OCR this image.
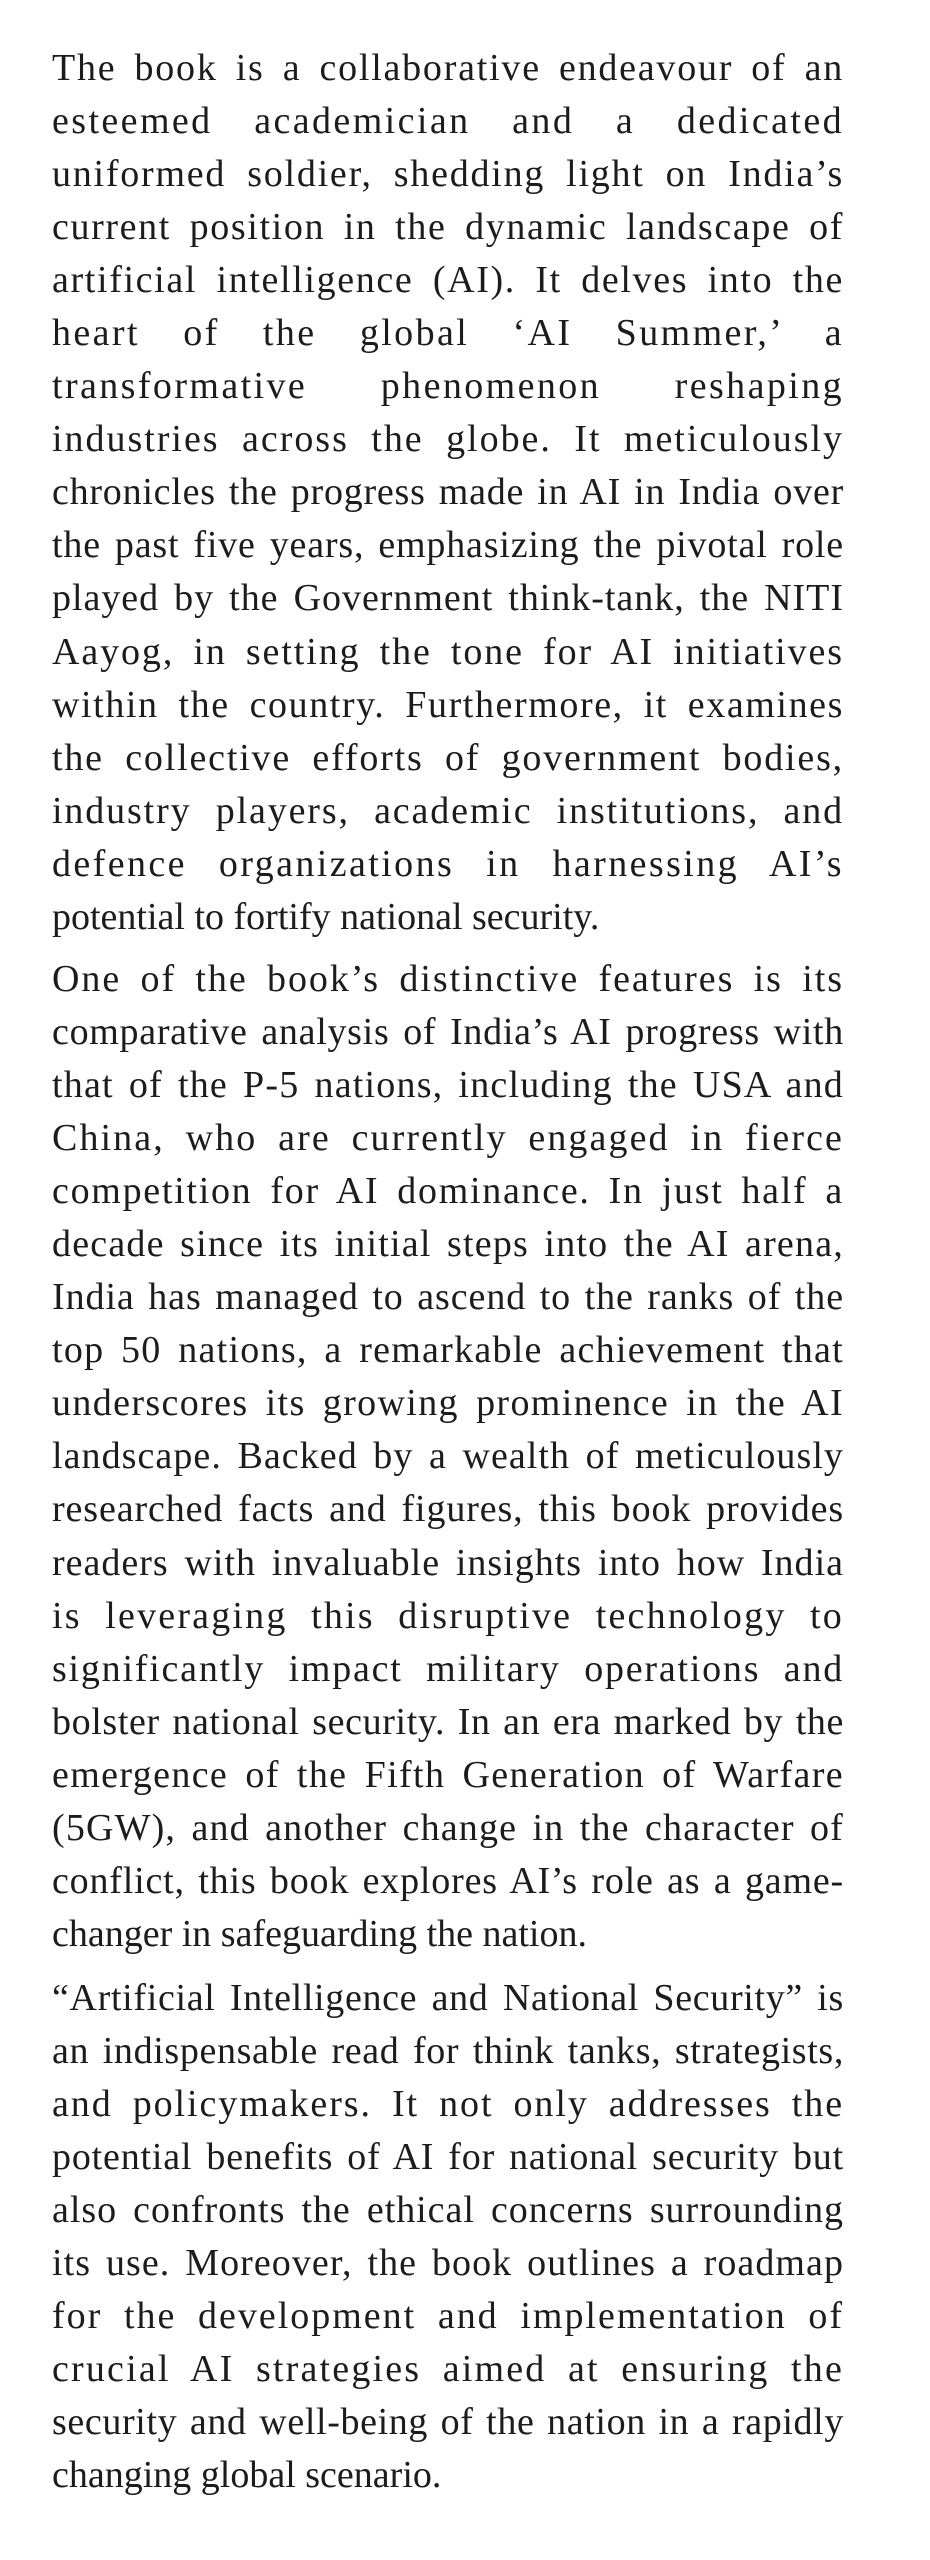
The book is a collaborative endeavour of an
esteemed academician and a dedicated
uniformed soldier, shedding light on India’s
current position in the dynamic landscape of
artificial intelligence (AI). It delves into the
heart of the global ‘AI Summer,’ a
transformative phenomenon reshaping
industries across the globe. It meticulously
chronicles the progress made in AI in India over
the past five years, emphasizing the pivotal role
played by the Government think-tank, the NITI
Aayog, in setting the tone for AI initiatives
within the country. Furthermore, it examines
the collective efforts of government bodies,
industry players, academic institutions, and
defence organizations in harnessing AI’s
potential to fortify national security.
One of the book’s distinctive features is its
comparative analysis of India’s AI progress with
that of the P-5 nations, including the USA and
China, who are currently engaged in fierce
competition for AI dominance. In just half a
decade since its initial steps into the AI arena,
India has managed to ascend to the ranks of the
top 50 nations, a remarkable achievement that
underscores its growing prominence in the AI
landscape. Backed by a wealth of meticulously
researched facts and figures, this book provides
readers with invaluable insights into how India
is leveraging this disruptive technology to
significantly impact military operations and
bolster national security. In an era marked by the
emergence of the Fifth Generation of Warfare
(5GW), and another change in the character of
conflict, this book explores AI’s role as a game-
changer in safeguarding the nation.
“Artificial Intelligence and National Security” is
an indispensable read for think tanks, strategists,
and policymakers. It not only addresses the
potential benefits of AI for national security but
also confronts the ethical concerns surrounding
its use. Moreover, the book outlines a roadmap
for the development and implementation of
crucial AI strategies aimed at ensuring the
security and well-being of the nation in a rapidly
changing global scenario.
